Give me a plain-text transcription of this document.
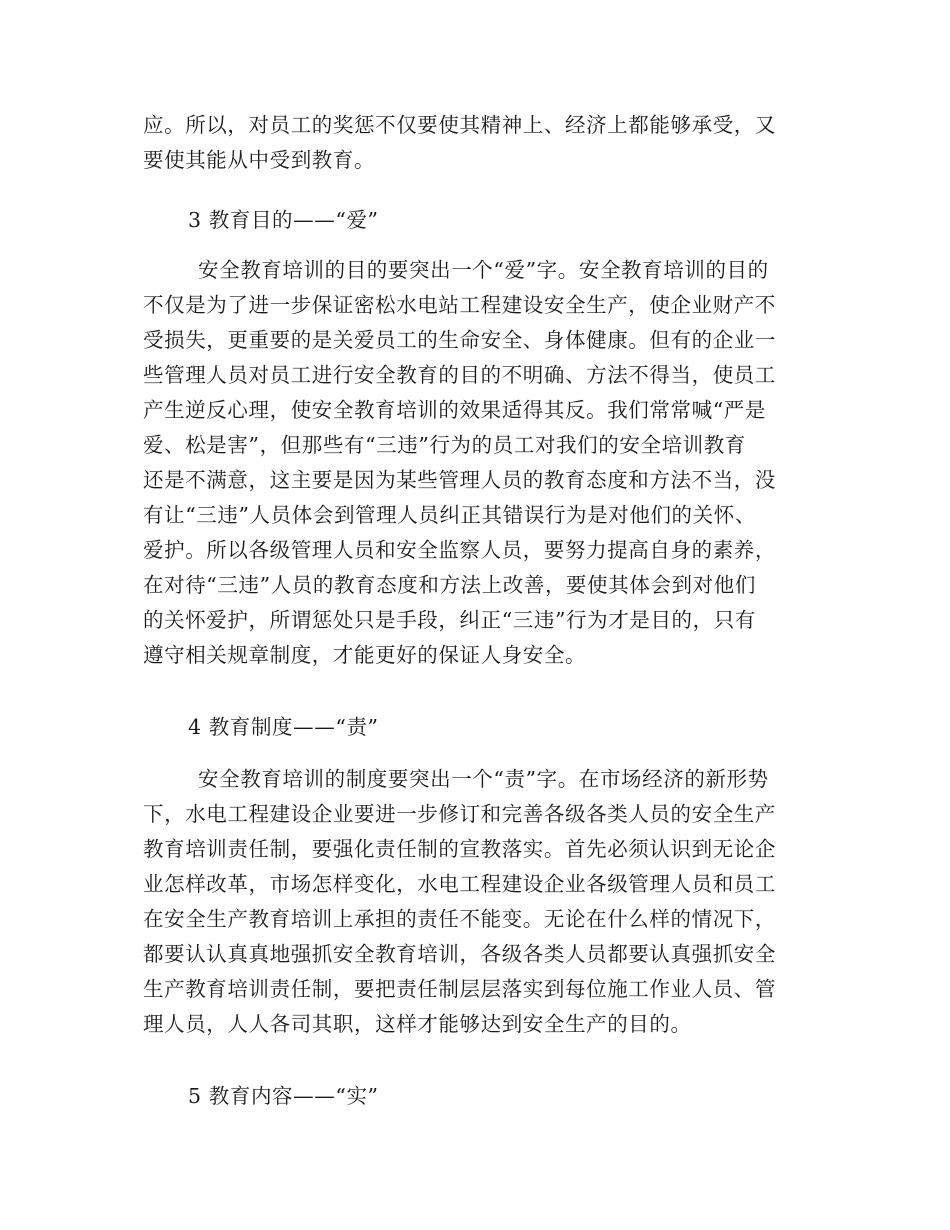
应。所以，对员工的奖惩不仅要使其精神上、经济上都能够承受，又
要使其能从中受到教育。
3 教育目的——“爱”
安全教育培训的目的要突出一个“爱”字。安全教育培训的目的
不仅是为了进一步保证密松水电站工程建设安全生产，使企业财产不
受损失，更重要的是关爱员工的生命安全、身体健康。但有的企业一
些管理人员对员工进行安全教育的目的不明确、方法不得当，使员工
产生逆反心理，使安全教育培训的效果适得其反。我们常常喊“严是
爱、松是害”，但那些有“三违”行为的员工对我们的安全培训教育
还是不满意，这主要是因为某些管理人员的教育态度和方法不当，没
有让“三违”人员体会到管理人员纠正其错误行为是对他们的关怀、
爱护。所以各级管理人员和安全监察人员，要努力提高自身的素养，
在对待“三违”人员的教育态度和方法上改善，要使其体会到对他们
的关怀爱护，所谓惩处只是手段，纠正“三违”行为才是目的，只有
遵守相关规章制度，才能更好的保证人身安全。
4 教育制度——“责”
安全教育培训的制度要突出一个“责”字。在市场经济的新形势
下，水电工程建设企业要进一步修订和完善各级各类人员的安全生产
教育培训责任制，要强化责任制的宣教落实。首先必须认识到无论企
业怎样改革，市场怎样变化，水电工程建设企业各级管理人员和员工
在安全生产教育培训上承担的责任不能变。无论在什么样的情况下，
都要认认真真地强抓安全教育培训，各级各类人员都要认真强抓安全
生产教育培训责任制，要把责任制层层落实到每位施工作业人员、管
理人员，人人各司其职，这样才能够达到安全生产的目的。
5 教育内容——“实”
